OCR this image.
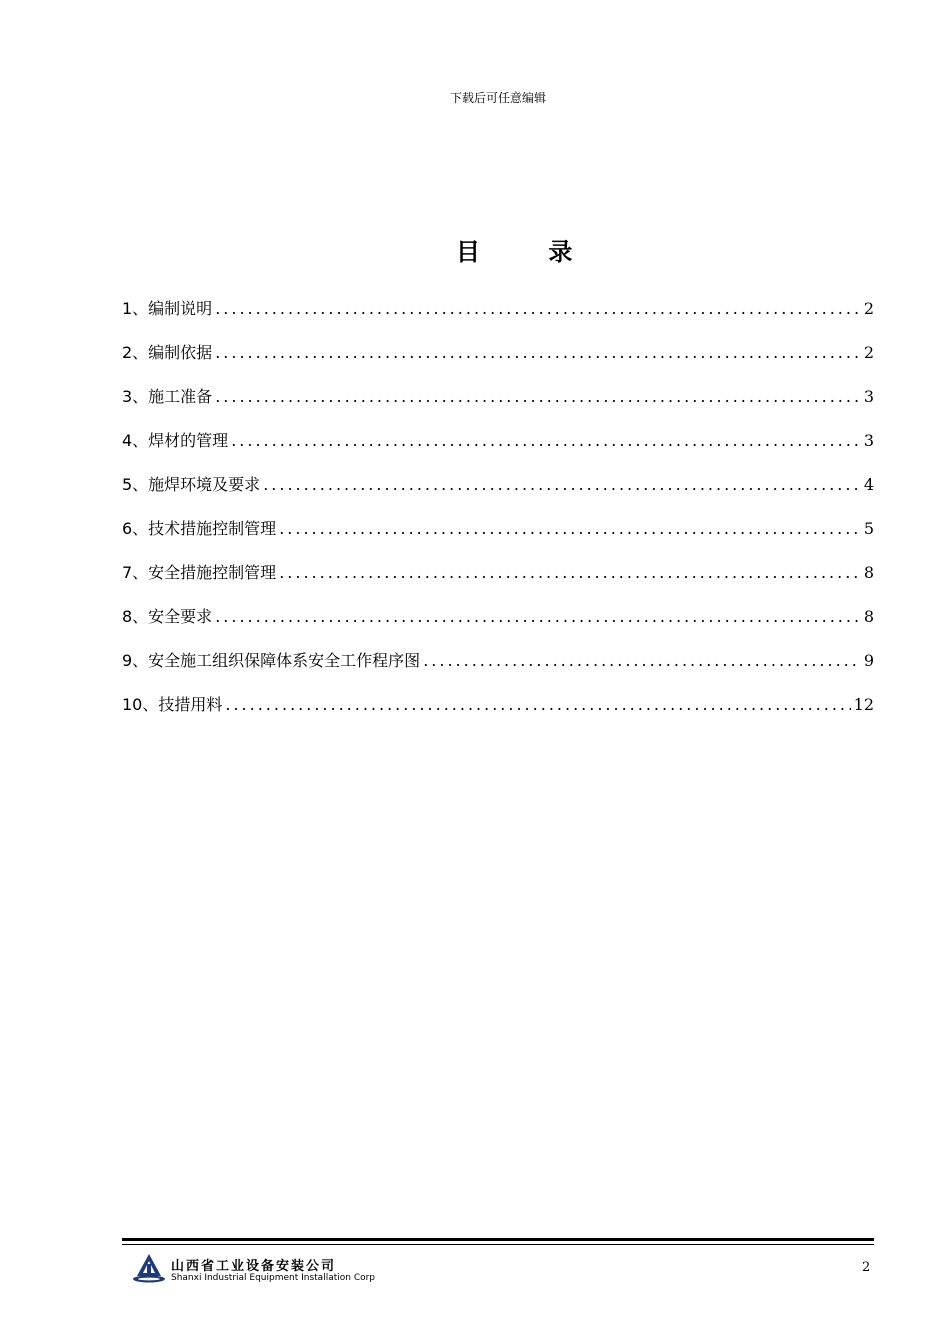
下载后可任意编辑
目 录
1、编制说明 .....	2
2、编制依据 .....	2
3、施工准备 .....	3
4、焊材的管理 .....	3
5、施焊环境及要求 .....	4
6、技术措施控制管理 .....	5
7、安全措施控制管理 .....	8
8、安全要求 .....	8
9、安全施工组织保障体系安全工作程序图 .....	9
10、技措用料 .....	12
山西省工业设备安装公司
Shanxi Industrial Equipment Installation Corp
2
